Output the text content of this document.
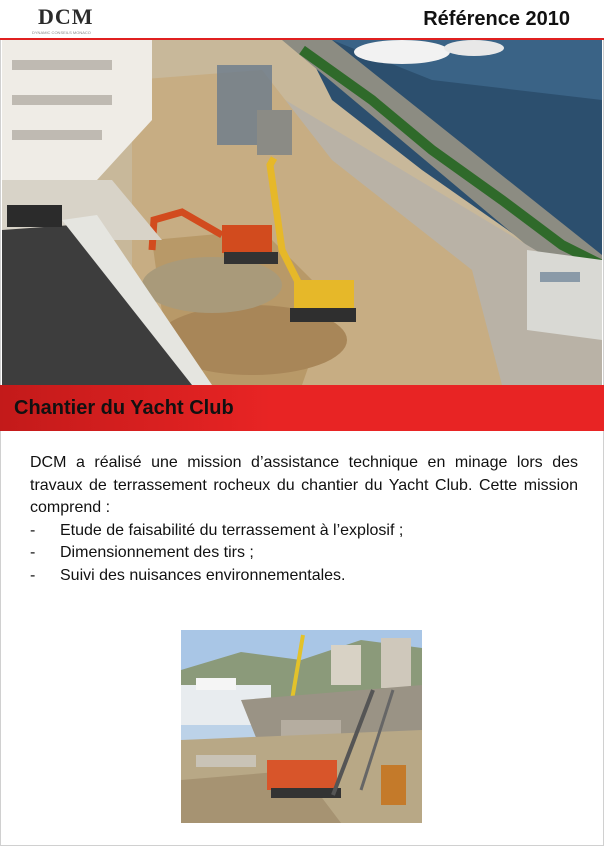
DCM
DYNAMIC CONSEILS MONACO
Référence 2010
Chantier du Yacht Club

DCM a réalisé une mission d’assistance technique en minage lors des travaux de terrassement rocheux du chantier du Yacht Club. Cette mission comprend :

- Etude de faisabilité du terrassement à l’explosif ;
- Dimensionnement des tirs ;
- Suivi des nuisances environnementales.
